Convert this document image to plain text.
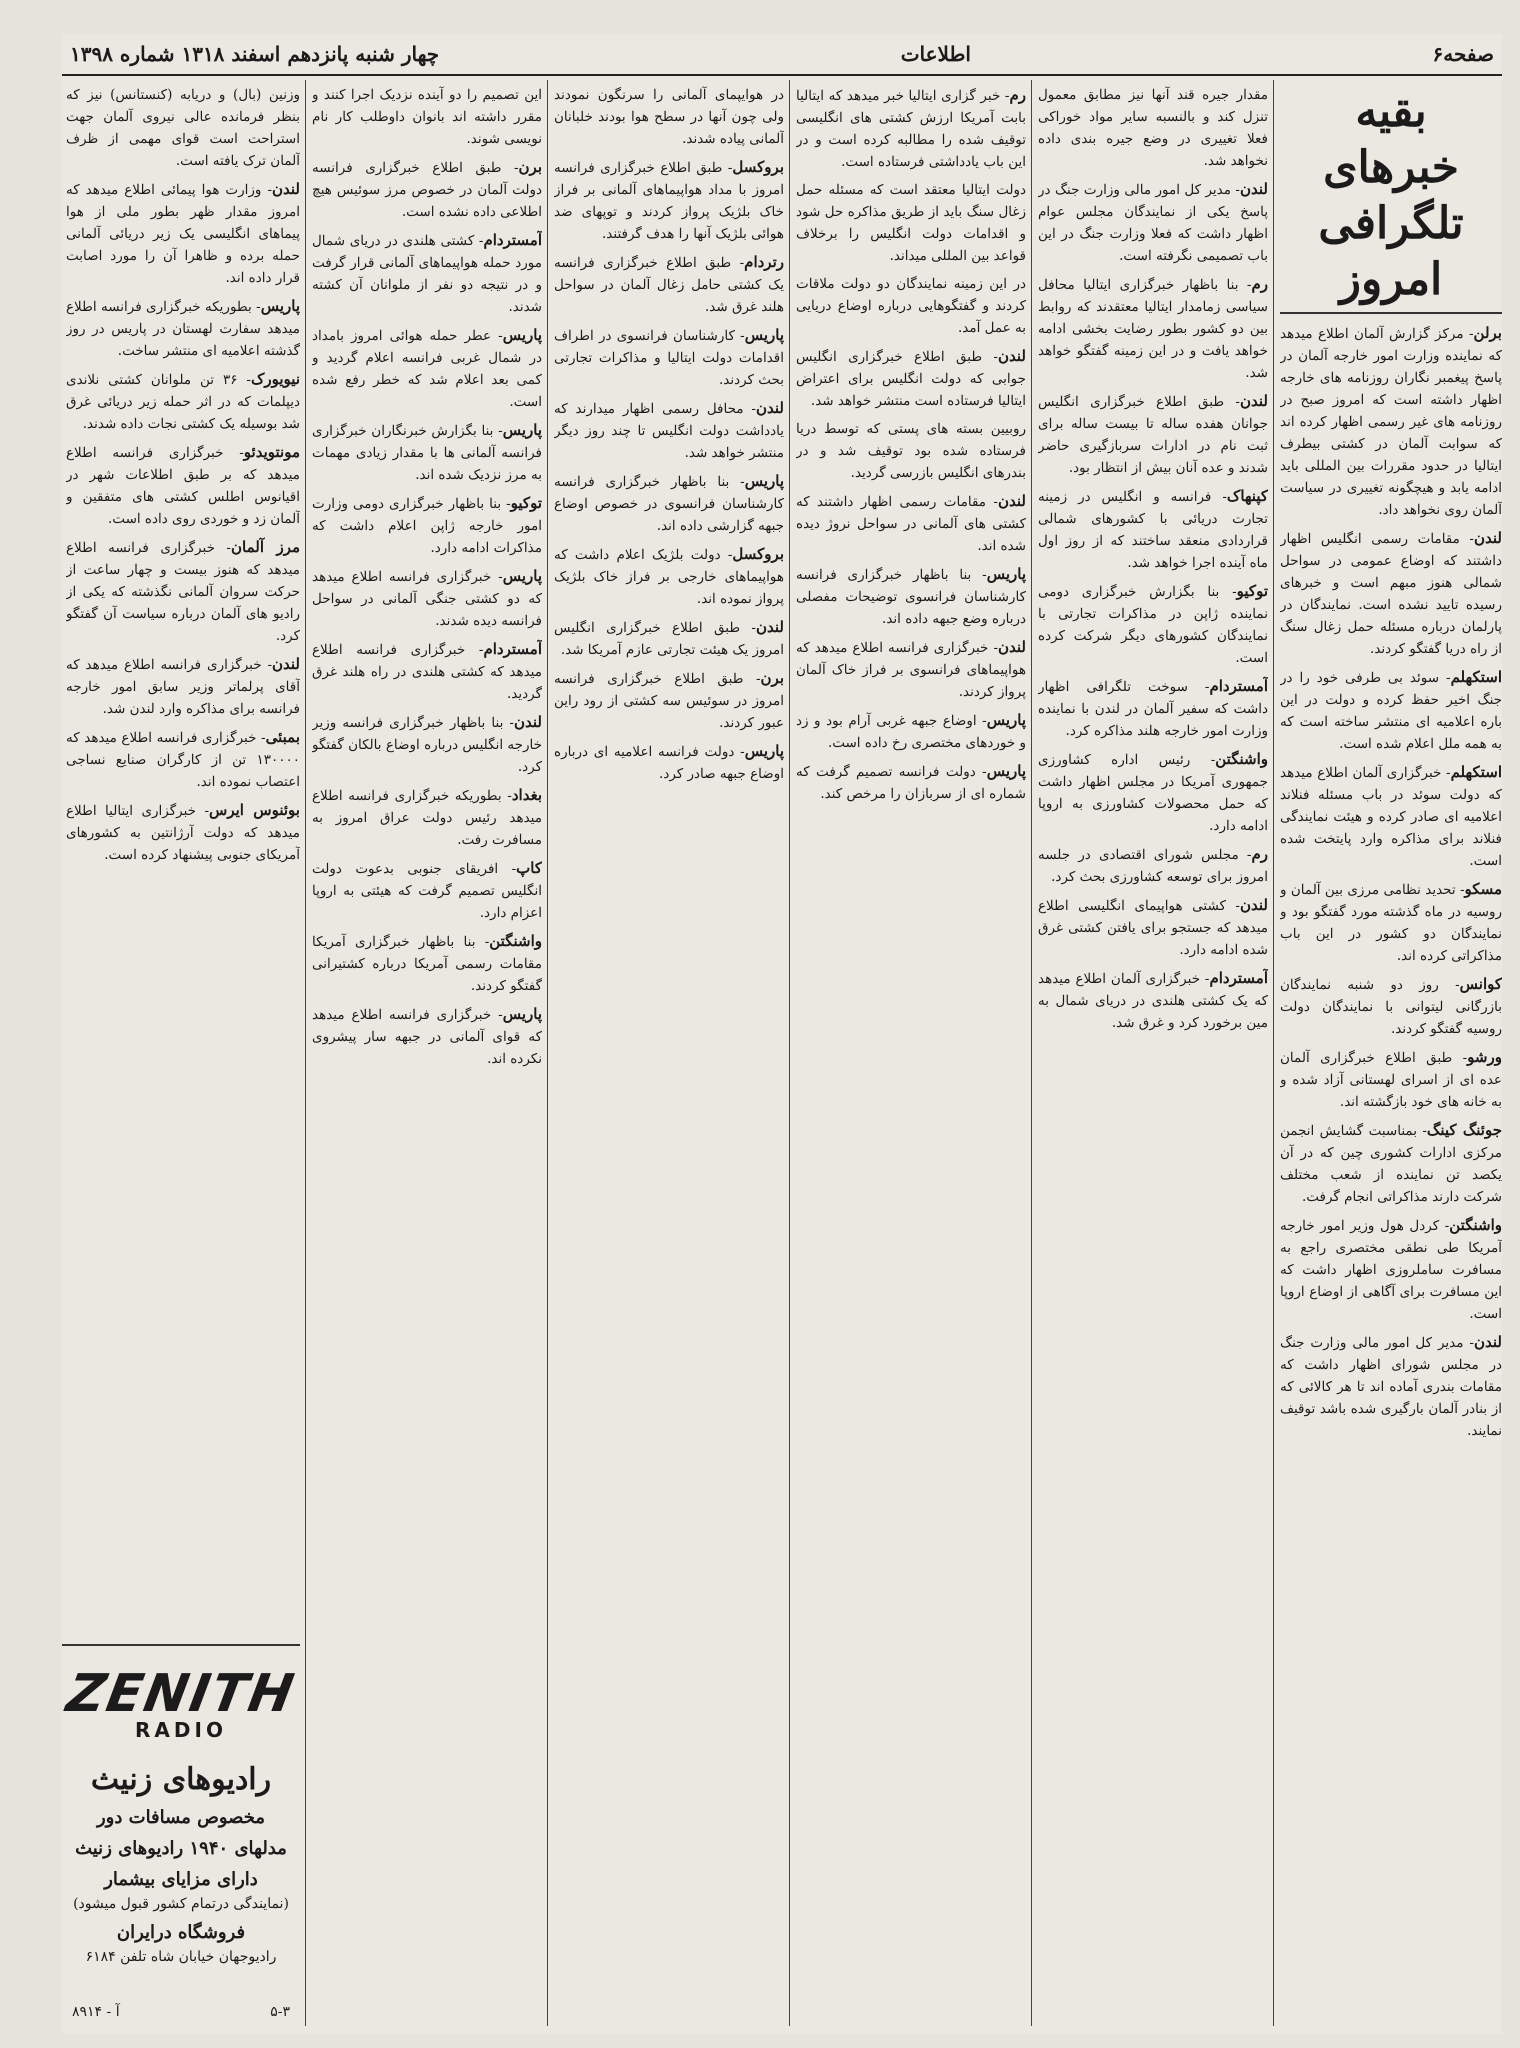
صفحه۶
اطلاعات
چهار شنبه پانزدهم اسفند ۱۳۱۸ شماره ۱۳۹۸
بقیه خبرهای تلگرافی امروز

برلن- مرکز گزارش آلمان اطلاع میدهد که نماینده وزارت امور خارجه آلمان در پاسخ پیغمبر نگاران روزنامه های خارجه اظهار داشته است که امروز صبح در روزنامه های غیر رسمی اظهار کرده اند که سوابت آلمان در کشتی بیطرف ایتالیا در حدود مقررات بین المللی باید ادامه یابد و هیچگونه تغییری در سیاست آلمان روی نخواهد داد.

لندن- مقامات رسمی انگلیس اظهار داشتند که اوضاع عمومی در سواحل شمالی هنوز مبهم است و خبرهای رسیده تایید نشده است. نمایندگان در پارلمان درباره مسئله حمل زغال سنگ از راه دریا گفتگو کردند.

استکهلم- سوئد بی طرفی خود را در جنگ اخیر حفظ کرده و دولت در این باره اعلامیه ای منتشر ساخته است که به همه ملل اعلام شده است.

استکهلم- خبرگزاری آلمان اطلاع میدهد که دولت سوئد در باب مسئله فنلاند اعلامیه ای صادر کرده و هیئت نمایندگی فنلاند برای مذاکره وارد پایتخت شده است.

مسکو- تحدید نظامی مرزی بین آلمان و روسیه در ماه گذشته مورد گفتگو بود و نمایندگان دو کشور در این باب مذاکراتی کرده اند.

کوانس- روز دو شنبه نمایندگان بازرگانی لیتوانی با نمایندگان دولت روسیه گفتگو کردند.

ورشو- طبق اطلاع خبرگزاری آلمان عده ای از اسرای لهستانی آزاد شده و به خانه های خود بازگشته اند.

جوئنگ کینگ- بمناسبت گشایش انجمن مرکزی ادارات کشوری چین که در آن یکصد تن نماینده از شعب مختلف شرکت دارند مذاکراتی انجام گرفت.

واشنگتن- کردل هول وزیر امور خارجه آمریکا طی نطقی مختصری راجع به مسافرت ساملروزی اظهار داشت که این مسافرت برای آگاهی از اوضاع اروپا است.

لندن- مدیر کل امور مالی وزارت جنگ در مجلس شورای اظهار داشت که مقامات بندری آماده اند تا هر کالائی که از بنادر آلمان بارگیری شده باشد توقیف نمایند.

مقدار جیره قند آنها نیز مطابق معمول تنزل کند و بالنسبه سایر مواد خوراکی فعلا تغییری در وضع جیره بندی داده نخواهد شد.

لندن- مدیر کل امور مالی وزارت جنگ در پاسخ یکی از نمایندگان مجلس عوام اظهار داشت که فعلا وزارت جنگ در این باب تصمیمی نگرفته است.

رم- بنا باظهار خبرگزاری ایتالیا محافل سیاسی زمامدار ایتالیا معتقدند که روابط بین دو کشور بطور رضایت بخشی ادامه خواهد یافت و در این زمینه گفتگو خواهد شد.

لندن- طبق اطلاع خبرگزاری انگلیس جوانان هفده ساله تا بیست ساله برای ثبت نام در ادارات سربازگیری حاضر شدند و عده آنان بیش از انتظار بود.

کپنهاک- فرانسه و انگلیس در زمینه تجارت دریائی با کشورهای شمالی قراردادی منعقد ساختند که از روز اول ماه آینده اجرا خواهد شد.

توکیو- بنا بگزارش خبرگزاری دومی نماینده ژاپن در مذاکرات تجارتی با نمایندگان کشورهای دیگر شرکت کرده است.

آمستردام- سوخت تلگرافی اظهار داشت که سفیر آلمان در لندن با نماینده وزارت امور خارجه هلند مذاکره کرد.

واشنگتن- رئیس اداره کشاورزی جمهوری آمریکا در مجلس اظهار داشت که حمل محصولات کشاورزی به اروپا ادامه دارد.

رم- مجلس شورای اقتصادی در جلسه امروز برای توسعه کشاورزی بحث کرد.

لندن- کشتی هواپیمای انگلیسی اطلاع میدهد که جستجو برای یافتن کشتی غرق شده ادامه دارد.

آمستردام- خبرگزاری آلمان اطلاع میدهد که یک کشتی هلندی در دریای شمال به مین برخورد کرد و غرق شد.

رم- خبر گزاری ایتالیا خبر میدهد که ایتالیا بابت آمریکا ارزش کشتی های انگلیسی توقیف شده را مطالبه کرده است و در این باب یادداشتی فرستاده است.

دولت ایتالیا معتقد است که مسئله حمل زغال سنگ باید از طریق مذاکره حل شود و اقدامات دولت انگلیس را برخلاف قواعد بین المللی میداند.

در این زمینه نمایندگان دو دولت ملاقات کردند و گفتگوهایی درباره اوضاع دریایی به عمل آمد.

لندن- طبق اطلاع خبرگزاری انگلیس جوابی که دولت انگلیس برای اعتراض ایتالیا فرستاده است منتشر خواهد شد.

روبیین بسته های پستی که توسط دریا فرستاده شده بود توقیف شد و در بندرهای انگلیس بازرسی گردید.

لندن- مقامات رسمی اظهار داشتند که کشتی های آلمانی در سواحل نروژ دیده شده اند.

پاریس- بنا باظهار خبرگزاری فرانسه کارشناسان فرانسوی توضیحات مفصلی درباره وضع جبهه داده اند.

لندن- خبرگزاری فرانسه اطلاع میدهد که هواپیماهای فرانسوی بر فراز خاک آلمان پرواز کردند.

پاریس- اوضاع جبهه غربی آرام بود و زد و خوردهای مختصری رخ داده است.

پاریس- دولت فرانسه تصمیم گرفت که شماره ای از سربازان را مرخص کند.

در هوایپمای آلمانی را سرنگون نمودند ولی چون آنها در سطح هوا بودند خلبانان آلمانی پیاده شدند.

بروکسل- طبق اطلاع خبرگزاری فرانسه امروز با مداد هواپیماهای آلمانی بر فراز خاک بلژیک پرواز کردند و توپهای ضد هوائی بلژیک آنها را هدف گرفتند.

رتردام- طبق اطلاع خبرگزاری فرانسه یک کشتی حامل زغال آلمان در سواحل هلند غرق شد.

پاریس- کارشناسان فرانسوی در اطراف اقدامات دولت ایتالیا و مذاکرات تجارتی بحث کردند.

لندن- محافل رسمی اظهار میدارند که یادداشت دولت انگلیس تا چند روز دیگر منتشر خواهد شد.

پاریس- بنا باظهار خبرگزاری فرانسه کارشناسان فرانسوی در خصوص اوضاع جبهه گزارشی داده اند.

بروکسل- دولت بلژیک اعلام داشت که هواپیماهای خارجی بر فراز خاک بلژیک پرواز نموده اند.

لندن- طبق اطلاع خبرگزاری انگلیس امروز یک هیئت تجارتی عازم آمریکا شد.

برن- طبق اطلاع خبرگزاری فرانسه امروز در سوئیس سه کشتی از رود راین عبور کردند.

پاریس- دولت فرانسه اعلامیه ای درباره اوضاع جبهه صادر کرد.

این تصمیم را دو آینده نزدیک اجرا کنند و مقرر داشته اند بانوان داوطلب کار نام نویسی شوند.

برن- طبق اطلاع خبرگزاری فرانسه دولت آلمان در خصوص مرز سوئیس هیچ اطلاعی داده نشده است.

آمستردام- کشتی هلندی در دریای شمال مورد حمله هواپیماهای آلمانی قرار گرفت و در نتیجه دو نفر از ملوانان آن کشته شدند.

پاریس- عطر حمله هوائی امروز بامداد در شمال غربی فرانسه اعلام گردید و کمی بعد اعلام شد که خطر رفع شده است.

پاریس- بنا بگزارش خبرنگاران خبرگزاری فرانسه آلمانی ها با مقدار زیادی مهمات به مرز نزدیک شده اند.

توکیو- بنا باظهار خبرگزاری دومی وزارت امور خارجه ژاپن اعلام داشت که مذاکرات ادامه دارد.

پاریس- خبرگزاری فرانسه اطلاع میدهد که دو کشتی جنگی آلمانی در سواحل فرانسه دیده شدند.

آمستردام- خبرگزاری فرانسه اطلاع میدهد که کشتی هلندی در راه هلند غرق گردید.

لندن- بنا باظهار خبرگزاری فرانسه وزیر خارجه انگلیس درباره اوضاع بالکان گفتگو کرد.

بغداد- بطوریکه خبرگزاری فرانسه اطلاع میدهد رئیس دولت عراق امروز به مسافرت رفت.

کاپ- افریقای جنوبی بدعوت دولت انگلیس تصمیم گرفت که هیئتی به اروپا اعزام دارد.

واشنگتن- بنا باظهار خبرگزاری آمریکا مقامات رسمی آمریکا درباره کشتیرانی گفتگو کردند.

پاریس- خبرگزاری فرانسه اطلاع میدهد که قوای آلمانی در جبهه سار پیشروی نکرده اند.

وزنین (بال) و دریابه (کنستانس) نیز که بنظر فرمانده عالی نیروی آلمان جهت استراحت است قوای مهمی از ظرف آلمان ترک یافته است.

لندن- وزارت هوا پیمائی اطلاع میدهد که امروز مقدار ظهر بطور ملی از هوا پیماهای انگلیسی یک زیر دریائی آلمانی حمله برده و ظاهرا آن را مورد اصابت قرار داده اند.

پاریس- بطوریکه خبرگزاری فرانسه اطلاع میدهد سفارت لهستان در پاریس در روز گذشته اعلامیه ای منتشر ساخت.

نیویورک- ۳۶ تن ملوانان کشتی نلاندی دیپلمات که در اثر حمله زیر دریائی غرق شد بوسیله یک کشتی نجات داده شدند.

مونتویدئو- خبرگزاری فرانسه اطلاع میدهد که بر طبق اطلاعات شهر در اقیانوس اطلس کشتی های متفقین و آلمان زد و خوردی روی داده است.

مرز آلمان- خبرگزاری فرانسه اطلاع میدهد که هنوز بیست و چهار ساعت از حرکت سروان آلمانی نگذشته که یکی از رادیو های آلمان درباره سیاست آن گفتگو کرد.

لندن- خبرگزاری فرانسه اطلاع میدهد که آقای پرلماتر وزیر سابق امور خارجه فرانسه برای مذاکره وارد لندن شد.

بمبئی- خبرگزاری فرانسه اطلاع میدهد که ۱۳۰۰۰۰ تن از کارگران صنایع نساجی اعتصاب نموده اند.

بوئنوس ایرس- خبرگزاری ایتالیا اطلاع میدهد که دولت آرژانتین به کشورهای آمریکای جنوبی پیشنهاد کرده است.

ZENITH
RADIO
رادیوهای زنیث
مخصوص مسافات دور
مدلهای ۱۹۴۰ رادیوهای زنیث
دارای مزایای بیشمار
(نمایندگی درتمام کشور قبول میشود)
فروشگاه درایران
رادیوجهان خیابان شاه تلفن ۶۱۸۴
۵-۳
آ - ۸۹۱۴
